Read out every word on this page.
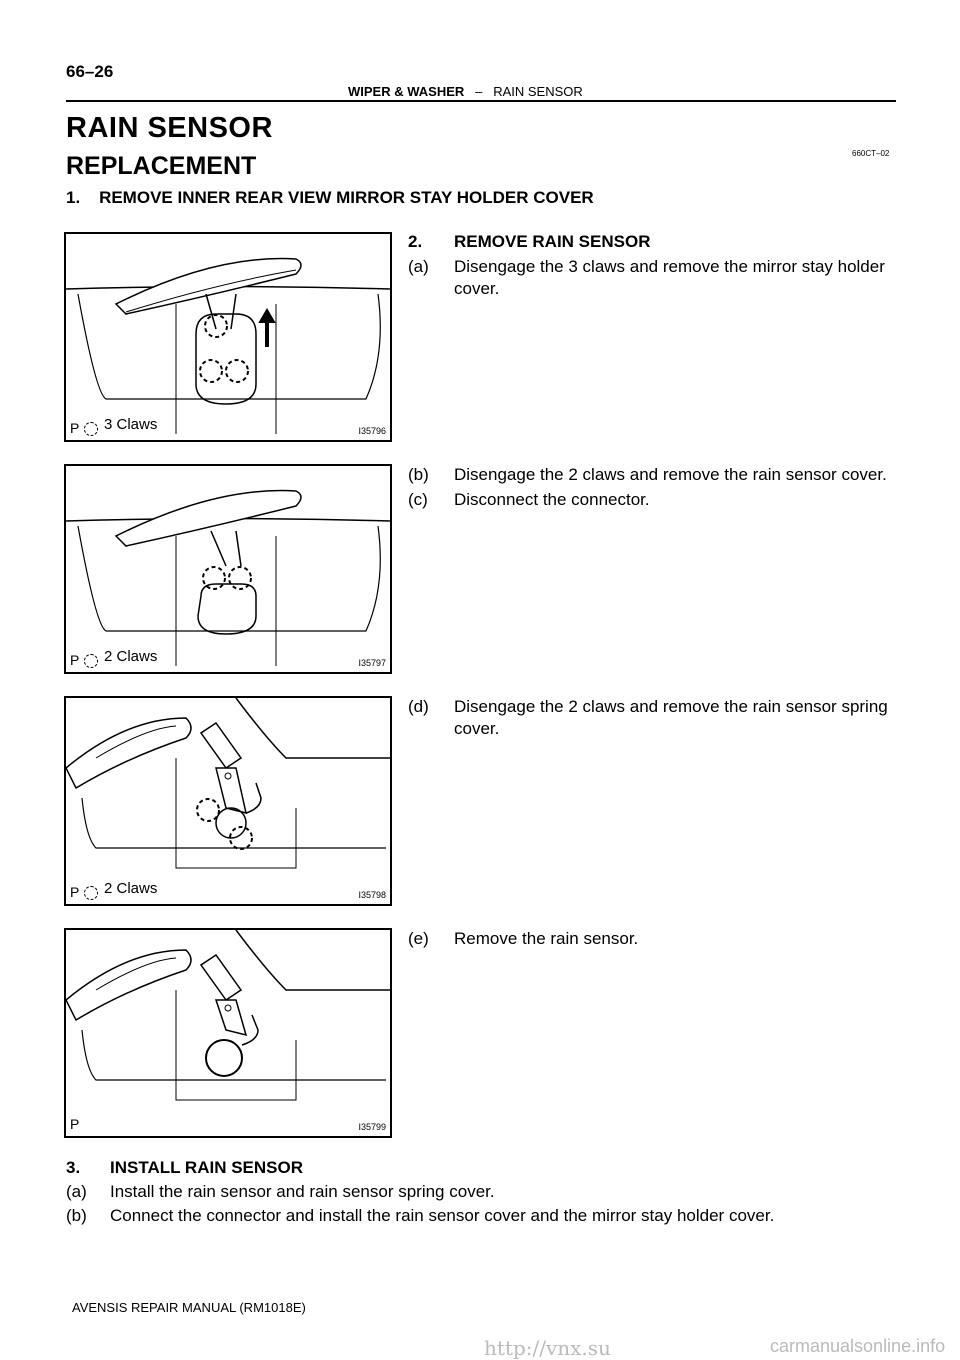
66–26
WIPER & WASHER – RAIN SENSOR
RAIN SENSOR
REPLACEMENT	660CT–02
1.    REMOVE INNER REAR VIEW MIRROR STAY HOLDER COVER
2. REMOVE RAIN SENSOR
(a) Disengage the 3 claws and remove the mirror stay holder cover.
(b) Disengage the 2 claws and remove the rain sensor cover.
(c) Disconnect the connector.
(d) Disengage the 2 claws and remove the rain sensor spring cover.
(e) Remove the rain sensor.
P 3 Claws	I35796
P 2 Claws	I35797
P 2 Claws	I35798
P	I35799
3. INSTALL RAIN SENSOR
(a) Install the rain sensor and rain sensor spring cover.
(b) Connect the connector and install the rain sensor cover and the mirror stay holder cover.
AVENSIS REPAIR MANUAL (RM1018E)
http://vnx.su	carmanualsonline.info
